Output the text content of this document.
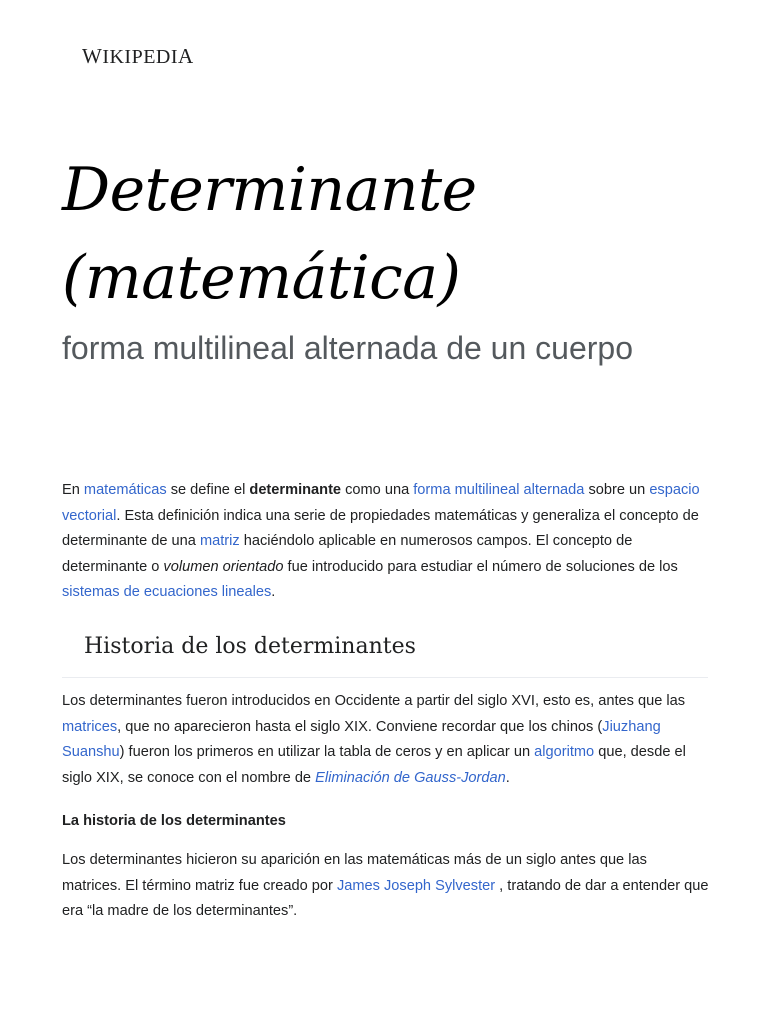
WIKIPEDIA
Determinante
(matemática)

forma multilineal alternada de un cuerpo

En matemáticas se define el determinante como una forma multilineal alternada sobre un espacio vectorial. Esta definición indica una serie de propiedades matemáticas y generaliza el concepto de determinante de una matriz haciéndolo aplicable en numerosos campos. El concepto de determinante o volumen orientado fue introducido para estudiar el número de soluciones de los sistemas de ecuaciones lineales.

Historia de los determinantes

Los determinantes fueron introducidos en Occidente a partir del siglo XVI, esto es, antes que las matrices, que no aparecieron hasta el siglo XIX. Conviene recordar que los chinos (Jiuzhang Suanshu) fueron los primeros en utilizar la tabla de ceros y en aplicar un algoritmo que, desde el siglo XIX, se conoce con el nombre de Eliminación de Gauss-Jordan.

La historia de los determinantes

Los determinantes hicieron su aparición en las matemáticas más de un siglo antes que las matrices. El término matriz fue creado por James Joseph Sylvester , tratando de dar a entender que era “la madre de los determinantes”.
